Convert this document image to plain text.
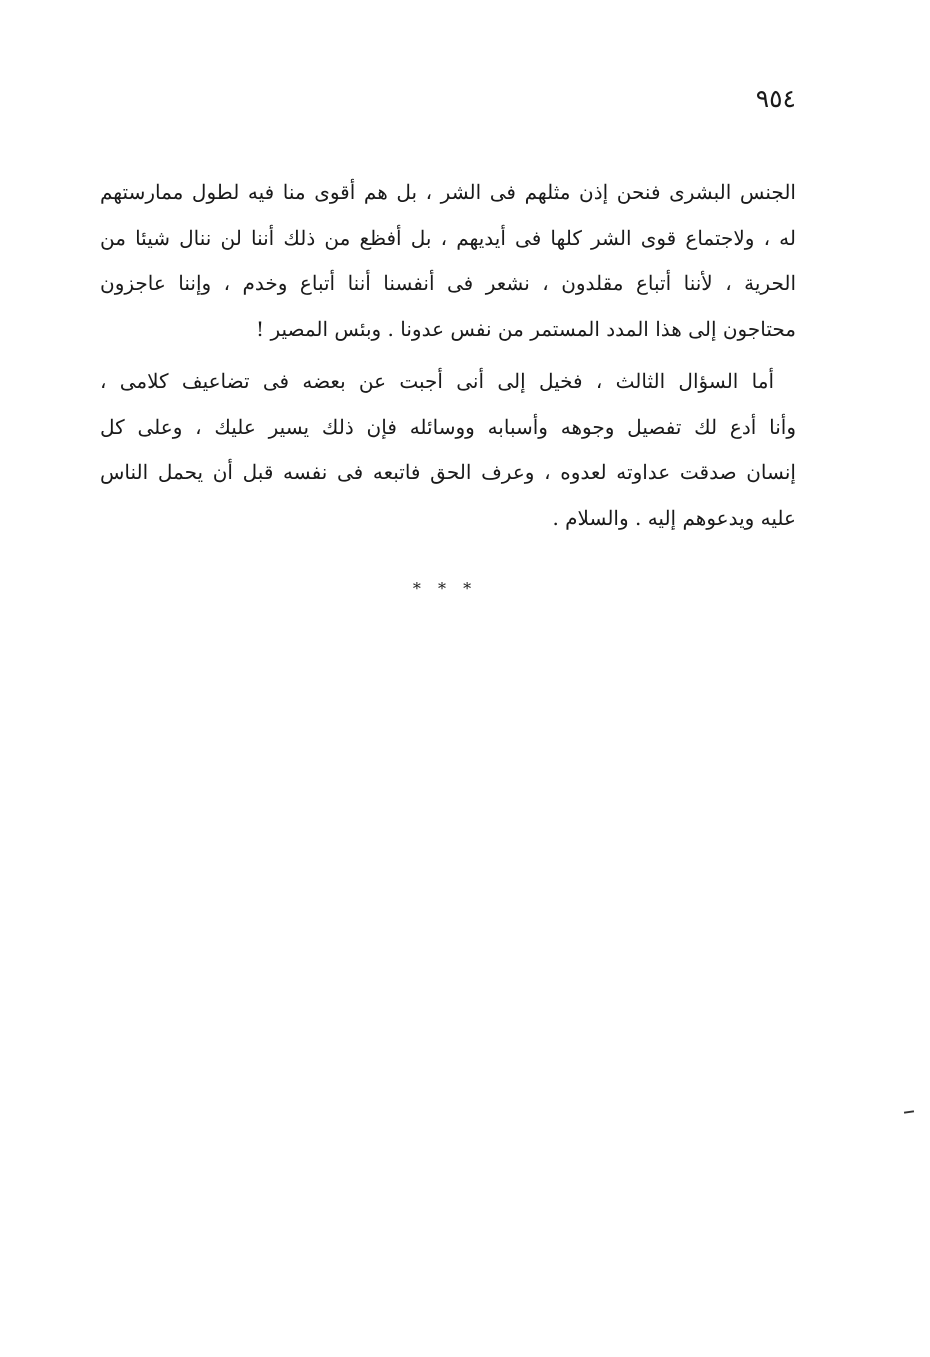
٩٥٤

الجنس البشرى فنحن إذن مثلهم فى الشر ، بل هم أقوى منا فيه لطول ممارستهم
له ، ولاجتماع قوى الشر كلها فى أيديهم ، بل أفظع من ذلك أننا لن ننال شيئا من
الحرية ، لأننا أتباع مقلدون ، نشعر فى أنفسنا أننا أتباع وخدم ، وإننا عاجزون
محتاجون إلى هذا المدد المستمر من نفس عدونا . وبئس المصير !

أما السؤال الثالث ، فخيل إلى أنى أجبت عن بعضه فى تضاعيف كلامى ،
وأنا أدع لك تفصيل وجوهه وأسبابه ووسائله فإن ذلك يسير عليك ، وعلى كل
إنسان صدقت عداوته لعدوه ، وعرف الحق فاتبعه فى نفسه قبل أن يحمل الناس
عليه ويدعوهم إليه . والسلام .

* * *
